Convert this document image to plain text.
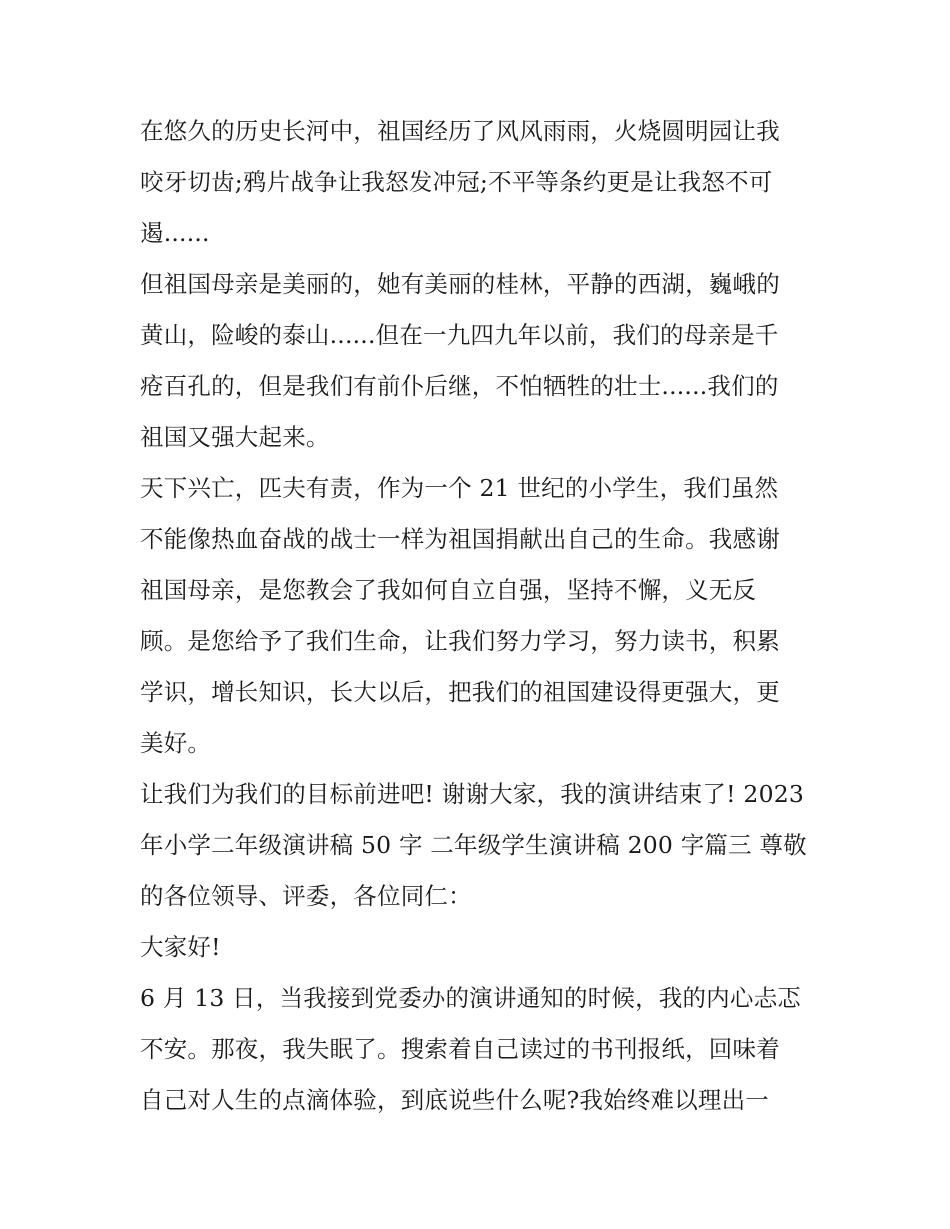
在悠久的历史长河中，祖国经历了风风雨雨，火烧圆明园让我
咬牙切齿;鸦片战争让我怒发冲冠;不平等条约更是让我怒不可
遏......
但祖国母亲是美丽的，她有美丽的桂林，平静的西湖，巍峨的
黄山，险峻的泰山......但在一九四九年以前，我们的母亲是千
疮百孔的，但是我们有前仆后继，不怕牺牲的壮士......我们的
祖国又强大起来。
天下兴亡，匹夫有责，作为一个 21 世纪的小学生，我们虽然
不能像热血奋战的战士一样为祖国捐献出自己的生命。我感谢
祖国母亲，是您教会了我如何自立自强，坚持不懈，义无反
顾。是您给予了我们生命，让我们努力学习，努力读书，积累
学识，增长知识，长大以后，把我们的祖国建设得更强大，更
美好。
让我们为我们的目标前进吧! 谢谢大家，我的演讲结束了! 2023
年小学二年级演讲稿 50 字 二年级学生演讲稿 200 字篇三 尊敬
的各位领导、评委，各位同仁：
大家好!
6 月 13 日，当我接到党委办的演讲通知的时候，我的内心忐忑
不安。那夜，我失眠了。搜索着自己读过的书刊报纸，回味着
自己对人生的点滴体验，到底说些什么呢?我始终难以理出一
